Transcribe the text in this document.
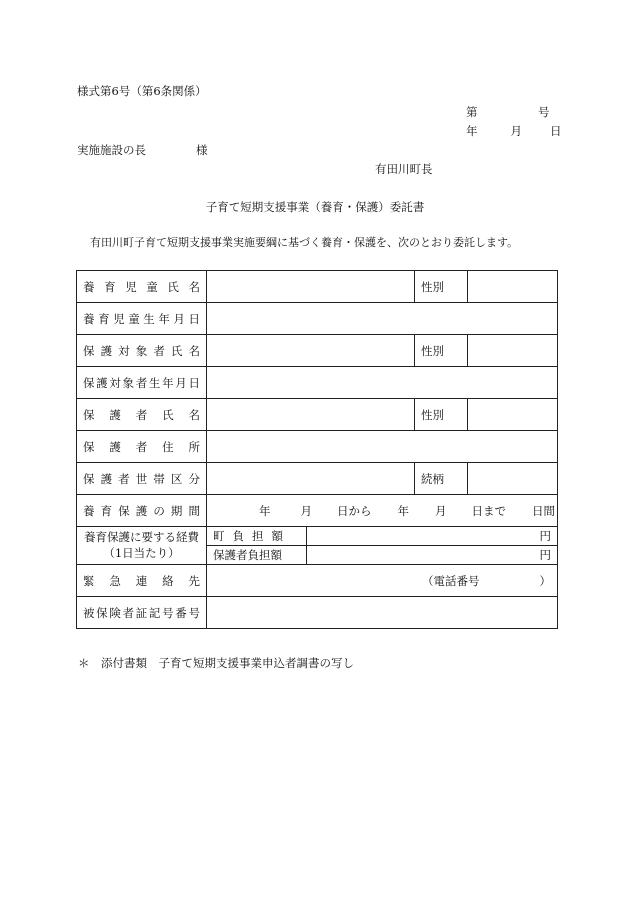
様式第6号（第6条関係）
第	号
年	月 日
実施施設の長	様
有田川町長
子育て短期支援事業（養育・保護）委託書
有田川町子育て短期支援事業実施要綱に基づく養育・保護を、次のとおり委託します。
養育児童氏名			性別	
養育児童生年月日				
保護対象者氏名			性別	
保護対象者生年月日				
保護者氏名			性別	
保護者住所				
保護者世帯区分			続柄	
養育保護の期間	年 月 日から 年 月 日まで 日間			

養育保護に要する経費
（1日当たり）	町負担額	円		
	保護者負担額	円		
緊急連絡先	（電話番号 ）			
被保険者証記号番号				
＊　添付書類　子育て短期支援事業申込者調書の写し
